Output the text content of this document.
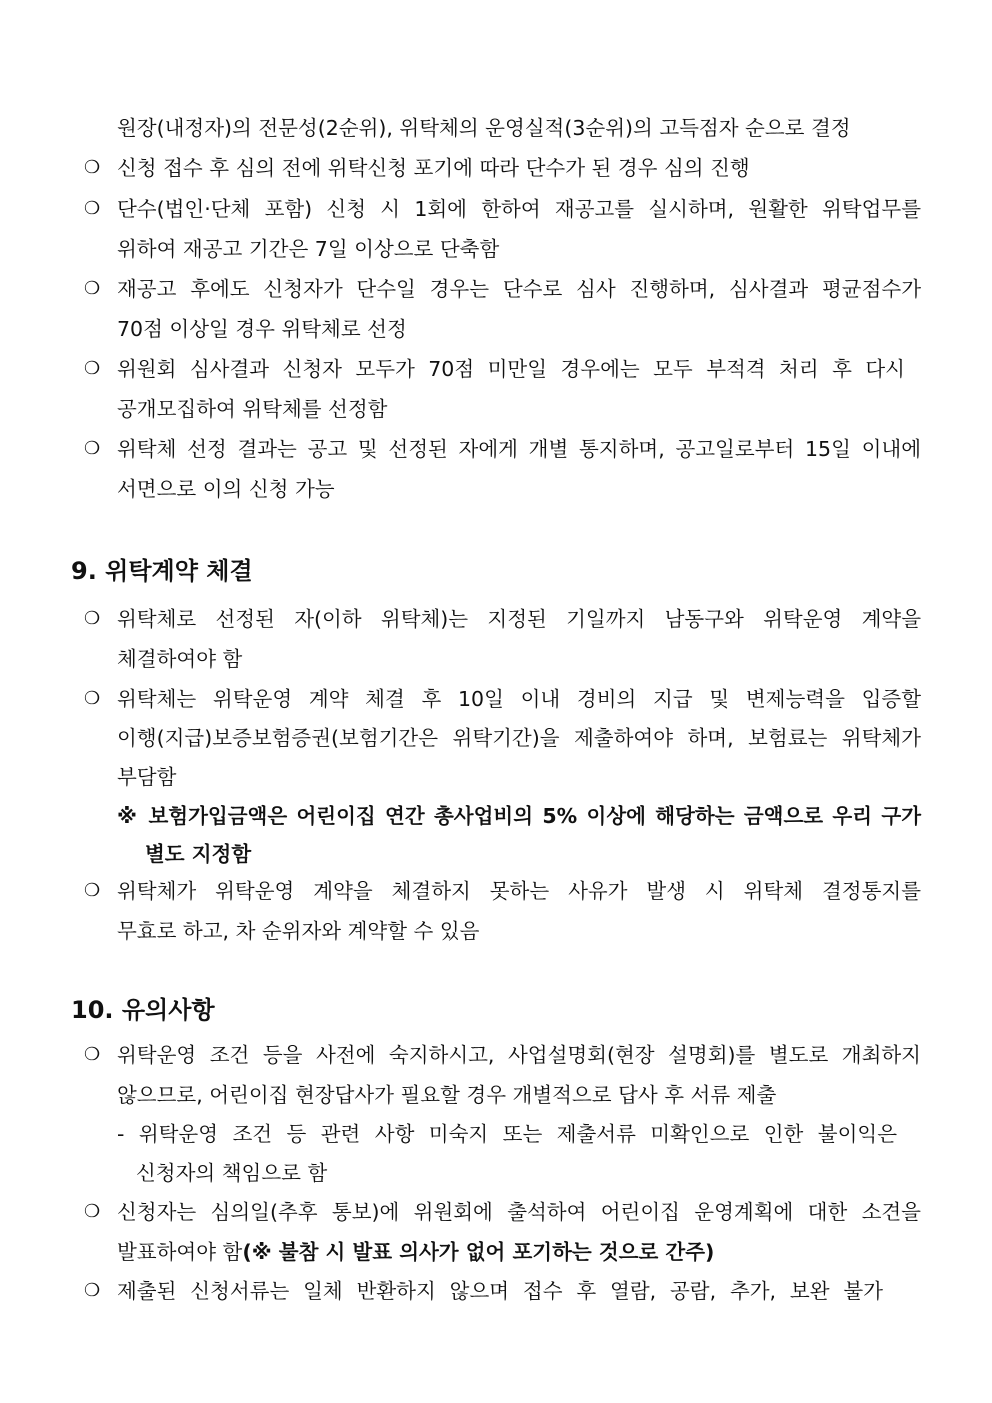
원장(내정자)의 전문성(2순위), 위탁체의 운영실적(3순위)의 고득점자 순으로 결정
❍ 신청 접수 후 심의 전에 위탁신청 포기에 따라 단수가 된 경우 심의 진행
❍ 단수(법인·단체 포함) 신청 시 1회에 한하여 재공고를 실시하며, 원활한 위탁업무를
위하여 재공고 기간은 7일 이상으로 단축함
❍ 재공고 후에도 신청자가 단수일 경우는 단수로 심사 진행하며, 심사결과 평균점수가
70점 이상일 경우 위탁체로 선정
❍ 위원회 심사결과 신청자 모두가 70점 미만일 경우에는 모두 부적격 처리 후 다시
공개모집하여 위탁체를 선정함
❍ 위탁체 선정 결과는 공고 및 선정된 자에게 개별 통지하며, 공고일로부터 15일 이내에
서면으로 이의 신청 가능
9. 위탁계약 체결
❍ 위탁체로 선정된 자(이하 위탁체)는 지정된 기일까지 남동구와 위탁운영 계약을
체결하여야 함
❍ 위탁체는 위탁운영 계약 체결 후 10일 이내 경비의 지급 및 변제능력을 입증할
이행(지급)보증보험증권(보험기간은 위탁기간)을 제출하여야 하며, 보험료는 위탁체가
부담함
※ 보험가입금액은 어린이집 연간 총사업비의 5% 이상에 해당하는 금액으로 우리 구가
별도 지정함
❍ 위탁체가 위탁운영 계약을 체결하지 못하는 사유가 발생 시 위탁체 결정통지를
무효로 하고, 차 순위자와 계약할 수 있음
10. 유의사항
❍ 위탁운영 조건 등을 사전에 숙지하시고, 사업설명회(현장 설명회)를 별도로 개최하지
않으므로, 어린이집 현장답사가 필요할 경우 개별적으로 답사 후 서류 제출
- 위탁운영 조건 등 관련 사항 미숙지 또는 제출서류 미확인으로 인한 불이익은
신청자의 책임으로 함
❍ 신청자는 심의일(추후 통보)에 위원회에 출석하여 어린이집 운영계획에 대한 소견을
발표하여야 함(※ 불참 시 발표 의사가 없어 포기하는 것으로 간주)
❍ 제출된 신청서류는 일체 반환하지 않으며 접수 후 열람, 공람, 추가, 보완 불가
